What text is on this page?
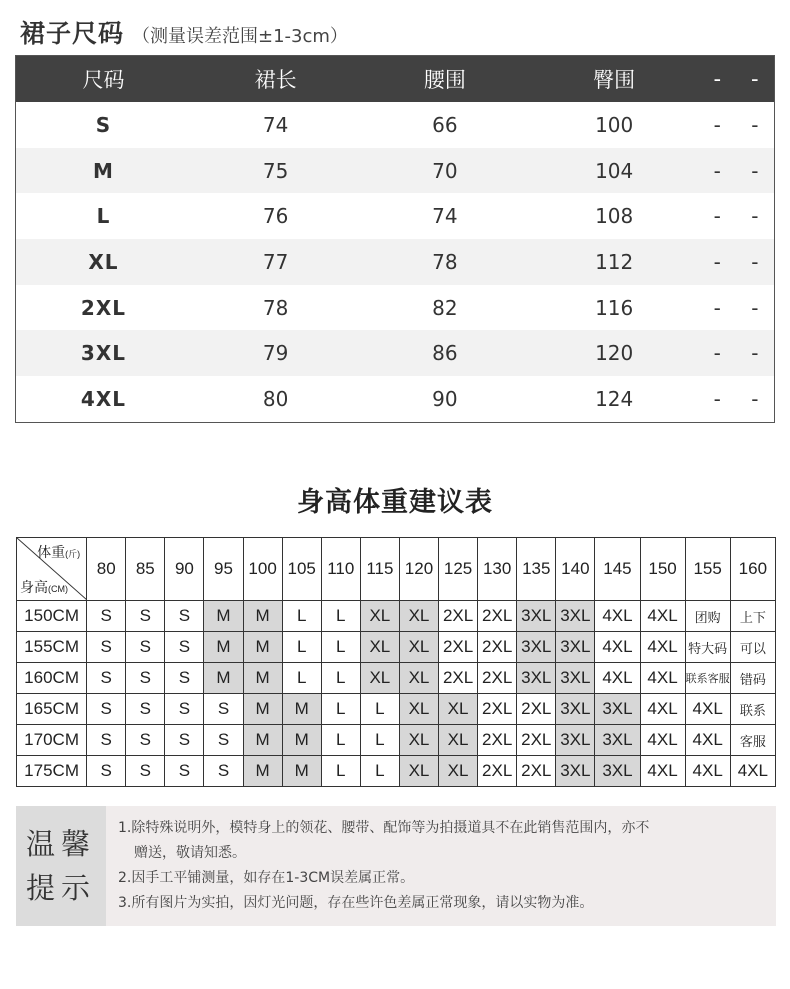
裙子尺码 （测量误差范围±1-3cm）
尺码	裙长	腰围	臀围	-	-
S	74	66	100	-	-
M	75	70	104	-	-
L	76	74	108	-	-
XL	77	78	112	-	-
2XL	78	82	116	-	-
3XL	79	86	120	-	-
4XL	80	90	124	-	-
身高体重建议表
体重(斤)
身高(CM)	80	85	90	95	100	105	110	115	120	125	130	135	140	145	150	155	160
150CM	S	S	S	M	M	L	L	XL	XL	2XL	2XL	3XL	3XL	4XL	4XL	团购	上下
155CM	S	S	S	M	M	L	L	XL	XL	2XL	2XL	3XL	3XL	4XL	4XL	特大码	可以
160CM	S	S	S	M	M	L	L	XL	XL	2XL	2XL	3XL	3XL	4XL	4XL	联系客服	错码
165CM	S	S	S	S	M	M	L	L	XL	XL	2XL	2XL	3XL	3XL	4XL	4XL	联系
170CM	S	S	S	S	M	M	L	L	XL	XL	2XL	2XL	3XL	3XL	4XL	4XL	客服
175CM	S	S	S	S	M	M	L	L	XL	XL	2XL	2XL	3XL	3XL	4XL	4XL	4XL
温馨
提示

1.除特殊说明外，模特身上的领花、腰带、配饰等为拍摄道具不在此销售范围内，亦不

赠送，敬请知悉。

2.因手工平铺测量，如存在1-3CM误差属正常。

3.所有图片为实拍，因灯光问题，存在些许色差属正常现象，请以实物为准。
